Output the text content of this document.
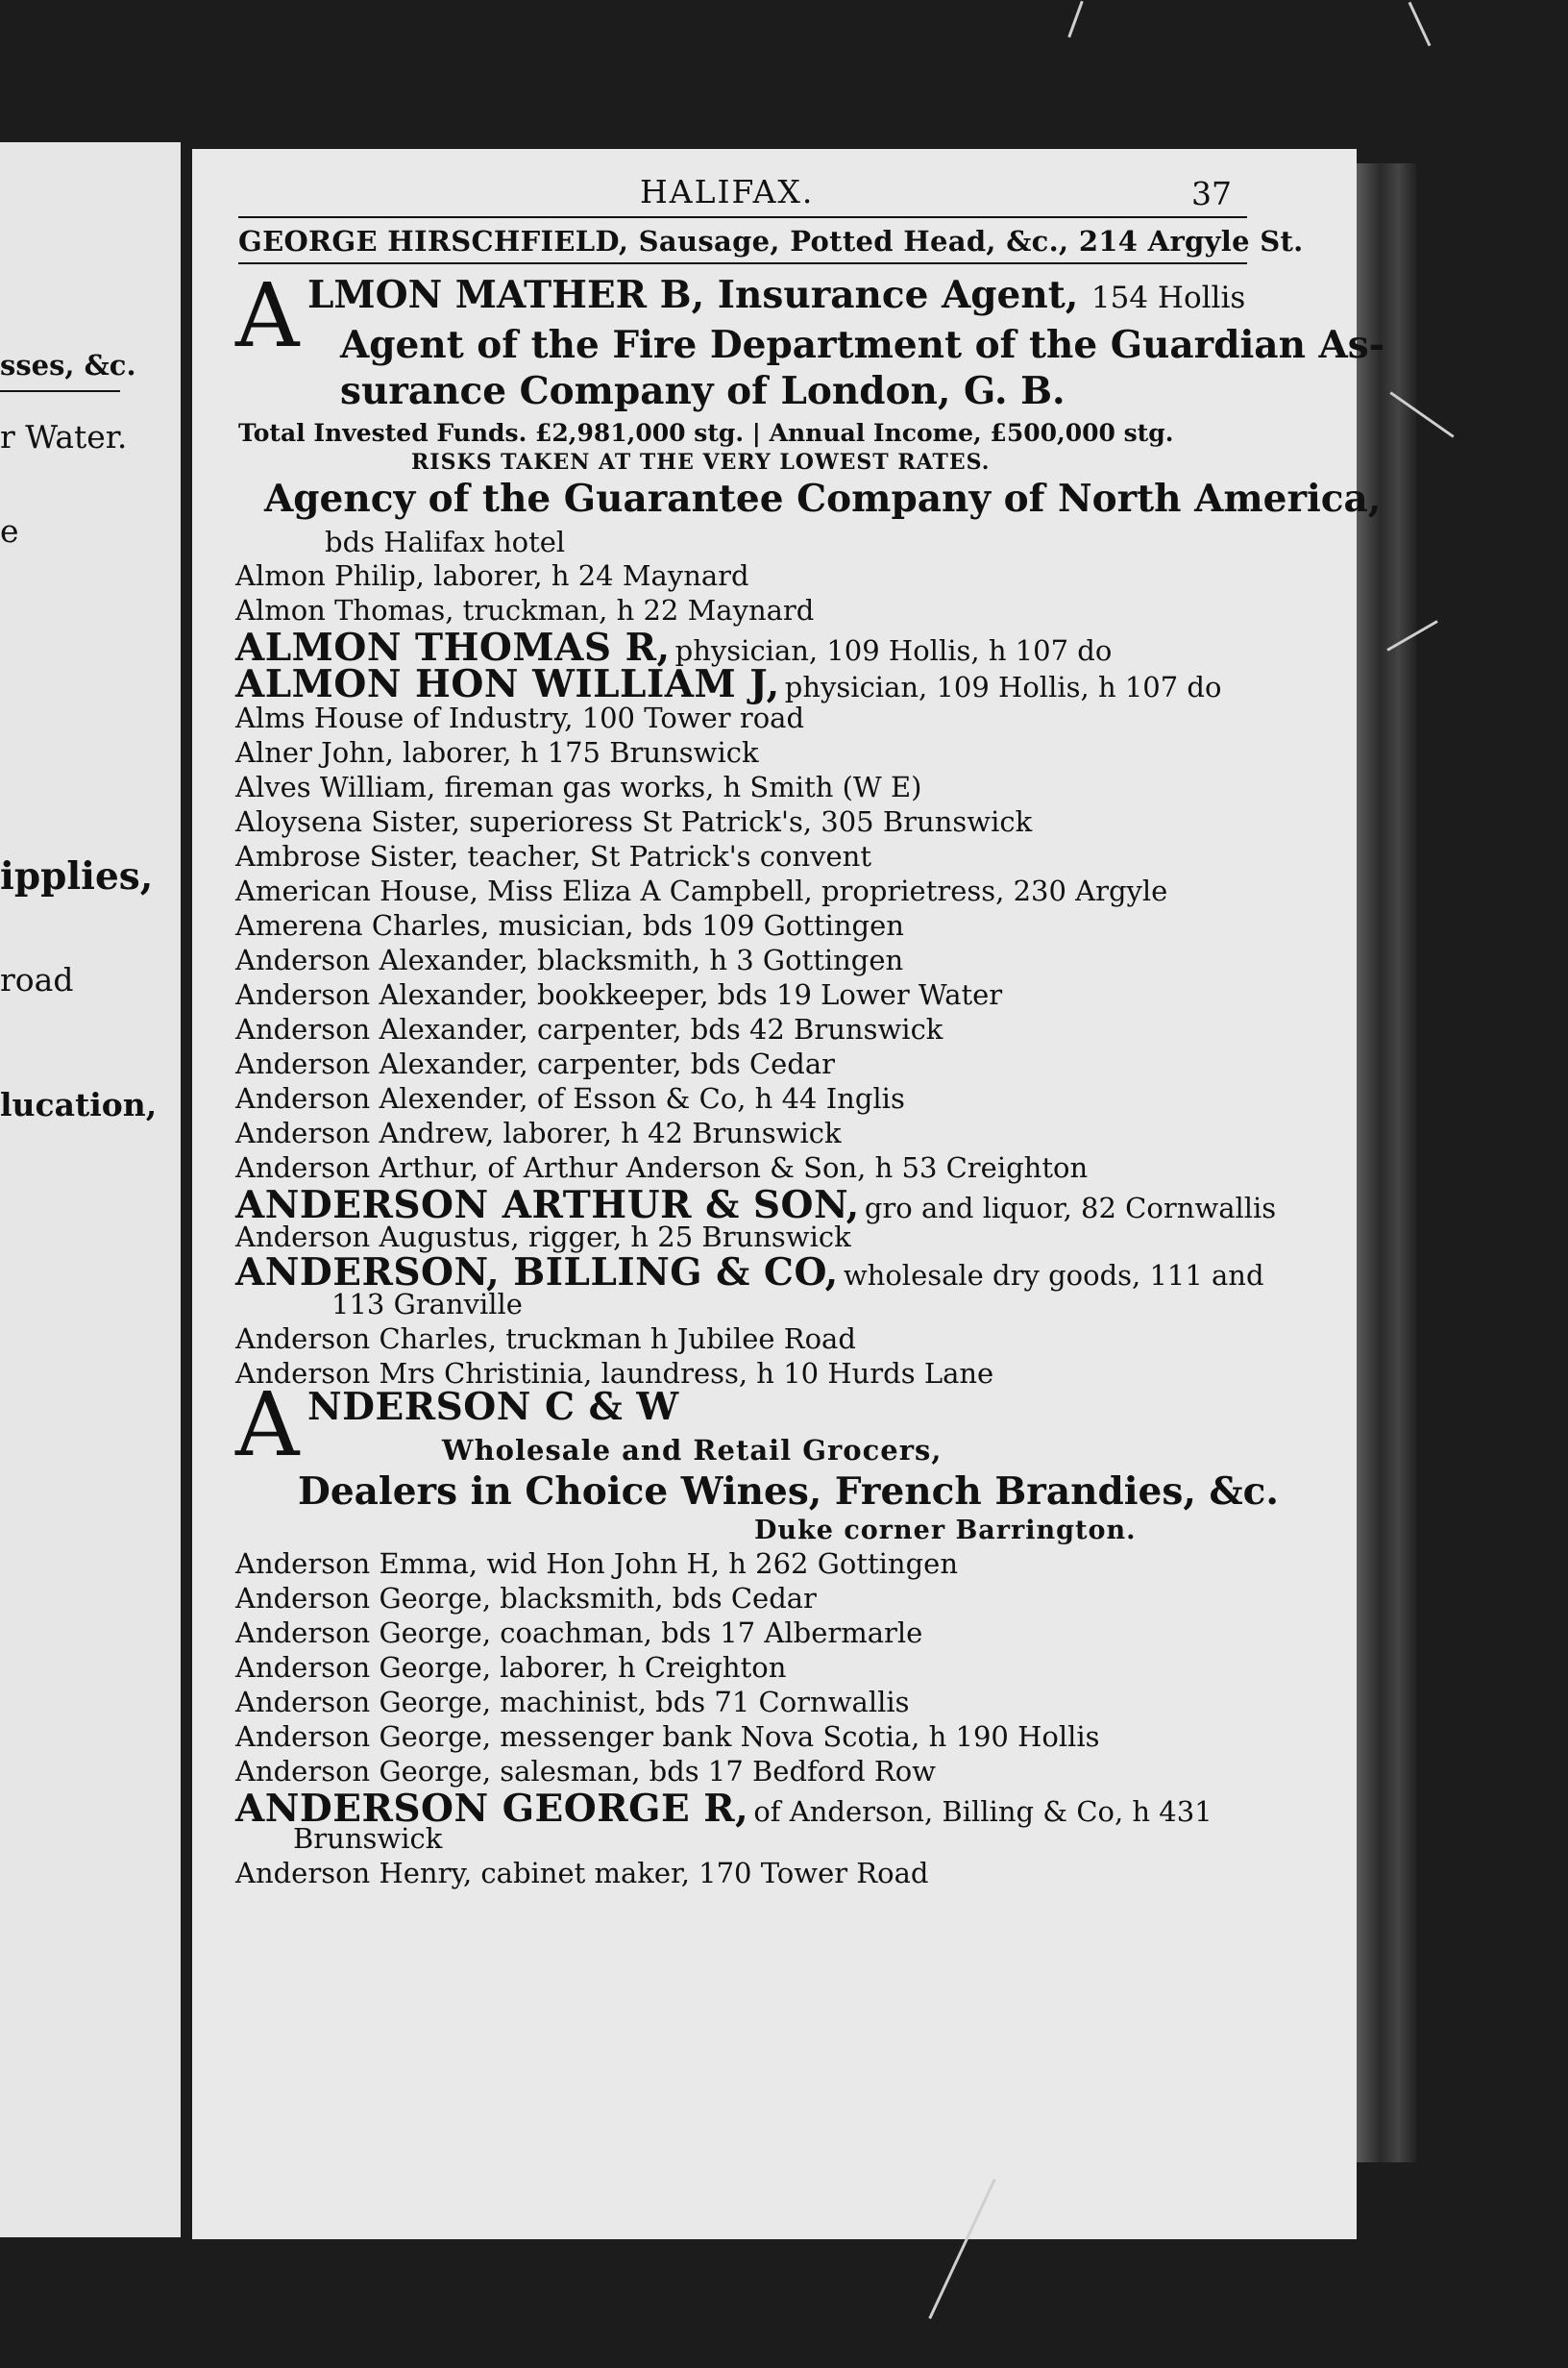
sses, &c.
r Water.
e
ipplies,
road
lucation,
HALIFAX.	37
GEORGE HIRSCHFIELD, Sausage, Potted Head, &c., 214 Argyle St.
A LMON MATHER B, Insurance Agent, 154 Hollis
Agent of the Fire Department of the Guardian As-
surance Company of London, G. B.
Total Invested Funds. £2,981,000 stg. | Annual Income, £500,000 stg.
RISKS TAKEN AT THE VERY LOWEST RATES.
Agency of the Guarantee Company of North America,
bds Halifax hotel
Almon Philip, laborer, h 24 Maynard
Almon Thomas, truckman, h 22 Maynard
ALMON THOMAS R, physician, 109 Hollis, h 107 do
ALMON HON WILLIAM J, physician, 109 Hollis, h 107 do
Alms House of Industry, 100 Tower road
Alner John, laborer, h 175 Brunswick
Alves William, fireman gas works, h Smith (W E)
Aloysena Sister, superioress St Patrick's, 305 Brunswick
Ambrose Sister, teacher, St Patrick's convent
American House, Miss Eliza A Campbell, proprietress, 230 Argyle
Amerena Charles, musician, bds 109 Gottingen
Anderson Alexander, blacksmith, h 3 Gottingen
Anderson Alexander, bookkeeper, bds 19 Lower Water
Anderson Alexander, carpenter, bds 42 Brunswick
Anderson Alexander, carpenter, bds Cedar
Anderson Alexender, of Esson & Co, h 44 Inglis
Anderson Andrew, laborer, h 42 Brunswick
Anderson Arthur, of Arthur Anderson & Son, h 53 Creighton
ANDERSON ARTHUR & SON, gro and liquor, 82 Cornwallis
Anderson Augustus, rigger, h 25 Brunswick
ANDERSON, BILLING & CO, wholesale dry goods, 111 and
113 Granville
Anderson Charles, truckman h Jubilee Road
Anderson Mrs Christinia, laundress, h 10 Hurds Lane
A NDERSON C & W
Wholesale and Retail Grocers,
Dealers in Choice Wines, French Brandies, &c.
Duke corner Barrington.
Anderson Emma, wid Hon John H, h 262 Gottingen
Anderson George, blacksmith, bds Cedar
Anderson George, coachman, bds 17 Albermarle
Anderson George, laborer, h Creighton
Anderson George, machinist, bds 71 Cornwallis
Anderson George, messenger bank Nova Scotia, h 190 Hollis
Anderson George, salesman, bds 17 Bedford Row
ANDERSON GEORGE R, of Anderson, Billing & Co, h 431
Brunswick
Anderson Henry, cabinet maker, 170 Tower Road
